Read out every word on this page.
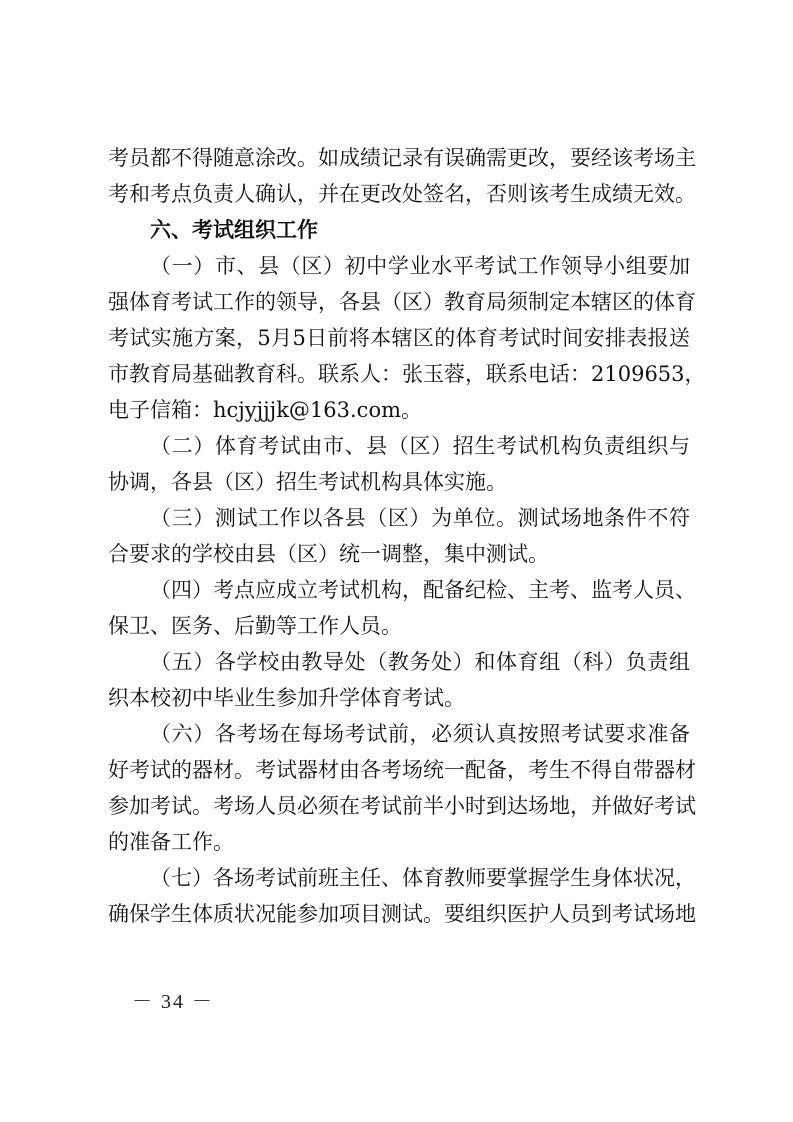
考员都不得随意涂改。如成绩记录有误确需更改，要经该考场主
考和考点负责人确认，并在更改处签名，否则该考生成绩无效。
六、考试组织工作
（一）市、县（区）初中学业水平考试工作领导小组要加
强体育考试工作的领导，各县（区）教育局须制定本辖区的体育
考试实施方案，5月5日前将本辖区的体育考试时间安排表报送
市教育局基础教育科。联系人：张玉蓉，联系电话：2109653，
电子信箱：hcjyjjjk@163.com。
（二）体育考试由市、县（区）招生考试机构负责组织与
协调，各县（区）招生考试机构具体实施。
（三）测试工作以各县（区）为单位。测试场地条件不符
合要求的学校由县（区）统一调整，集中测试。
（四）考点应成立考试机构，配备纪检、主考、监考人员、
保卫、医务、后勤等工作人员。
（五）各学校由教导处（教务处）和体育组（科）负责组
织本校初中毕业生参加升学体育考试。
（六）各考场在每场考试前，必须认真按照考试要求准备
好考试的器材。考试器材由各考场统一配备，考生不得自带器材
参加考试。考场人员必须在考试前半小时到达场地，并做好考试
的准备工作。
（七）各场考试前班主任、体育教师要掌握学生身体状况，
确保学生体质状况能参加项目测试。要组织医护人员到考试场地
－ 34 －
